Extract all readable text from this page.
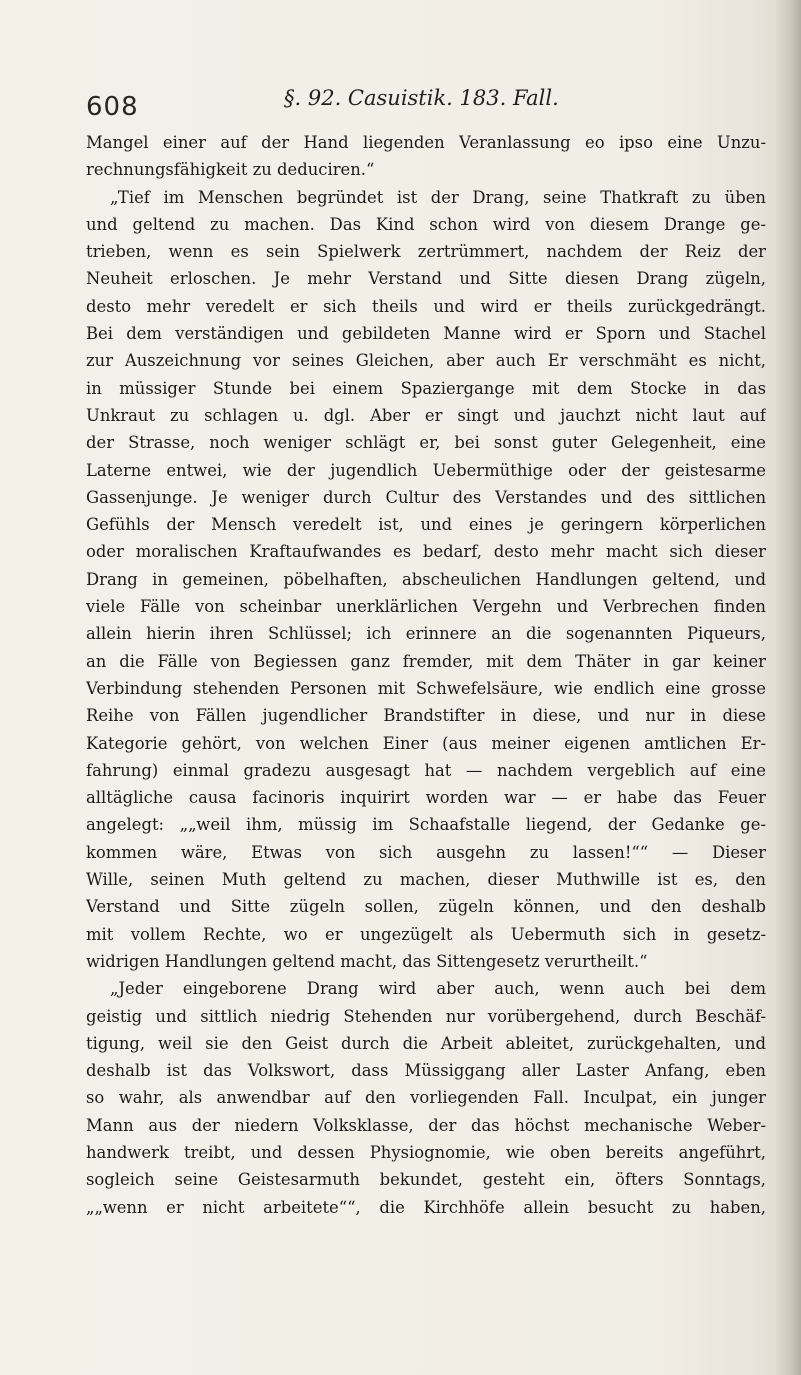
608	§. 92. Casuistik. 183. Fall.
Mangel einer auf der Hand liegenden Veranlassung eo ipso eine Unzu-
rechnungsfähigkeit zu deduciren.“
„Tief im Menschen begründet ist der Drang, seine Thatkraft zu üben
und geltend zu machen. Das Kind schon wird von diesem Drange ge-
trieben, wenn es sein Spielwerk zertrümmert, nachdem der Reiz der
Neuheit erloschen. Je mehr Verstand und Sitte diesen Drang zügeln,
desto mehr veredelt er sich theils und wird er theils zurückgedrängt.
Bei dem verständigen und gebildeten Manne wird er Sporn und Stachel
zur Auszeichnung vor seines Gleichen, aber auch Er verschmäht es nicht,
in müssiger Stunde bei einem Spaziergange mit dem Stocke in das
Unkraut zu schlagen u. dgl. Aber er singt und jauchzt nicht laut auf
der Strasse, noch weniger schlägt er, bei sonst guter Gelegenheit, eine
Laterne entwei, wie der jugendlich Uebermüthige oder der geistesarme
Gassenjunge. Je weniger durch Cultur des Verstandes und des sittlichen
Gefühls der Mensch veredelt ist, und eines je geringern körperlichen
oder moralischen Kraftaufwandes es bedarf, desto mehr macht sich dieser
Drang in gemeinen, pöbelhaften, abscheulichen Handlungen geltend, und
viele Fälle von scheinbar unerklärlichen Vergehn und Verbrechen finden
allein hierin ihren Schlüssel; ich erinnere an die sogenannten Piqueurs,
an die Fälle von Begiessen ganz fremder, mit dem Thäter in gar keiner
Verbindung stehenden Personen mit Schwefelsäure, wie endlich eine grosse
Reihe von Fällen jugendlicher Brandstifter in diese, und nur in diese
Kategorie gehört, von welchen Einer (aus meiner eigenen amtlichen Er-
fahrung) einmal gradezu ausgesagt hat — nachdem vergeblich auf eine
alltägliche causa facinoris inquirirt worden war — er habe das Feuer
angelegt: „„weil ihm, müssig im Schaafstalle liegend, der Gedanke ge-
kommen wäre, Etwas von sich ausgehn zu lassen!““ — Dieser
Wille, seinen Muth geltend zu machen, dieser Muthwille ist es, den
Verstand und Sitte zügeln sollen, zügeln können, und den deshalb
mit vollem Rechte, wo er ungezügelt als Uebermuth sich in gesetz-
widrigen Handlungen geltend macht, das Sittengesetz verurtheilt.“
„Jeder eingeborene Drang wird aber auch, wenn auch bei dem
geistig und sittlich niedrig Stehenden nur vorübergehend, durch Beschäf-
tigung, weil sie den Geist durch die Arbeit ableitet, zurückgehalten, und
deshalb ist das Volkswort, dass Müssiggang aller Laster Anfang, eben
so wahr, als anwendbar auf den vorliegenden Fall. Inculpat, ein junger
Mann aus der niedern Volksklasse, der das höchst mechanische Weber-
handwerk treibt, und dessen Physiognomie, wie oben bereits angeführt,
sogleich seine Geistesarmuth bekundet, gesteht ein, öfters Sonntags,
„„wenn er nicht arbeitete““, die Kirchhöfe allein besucht zu haben,
